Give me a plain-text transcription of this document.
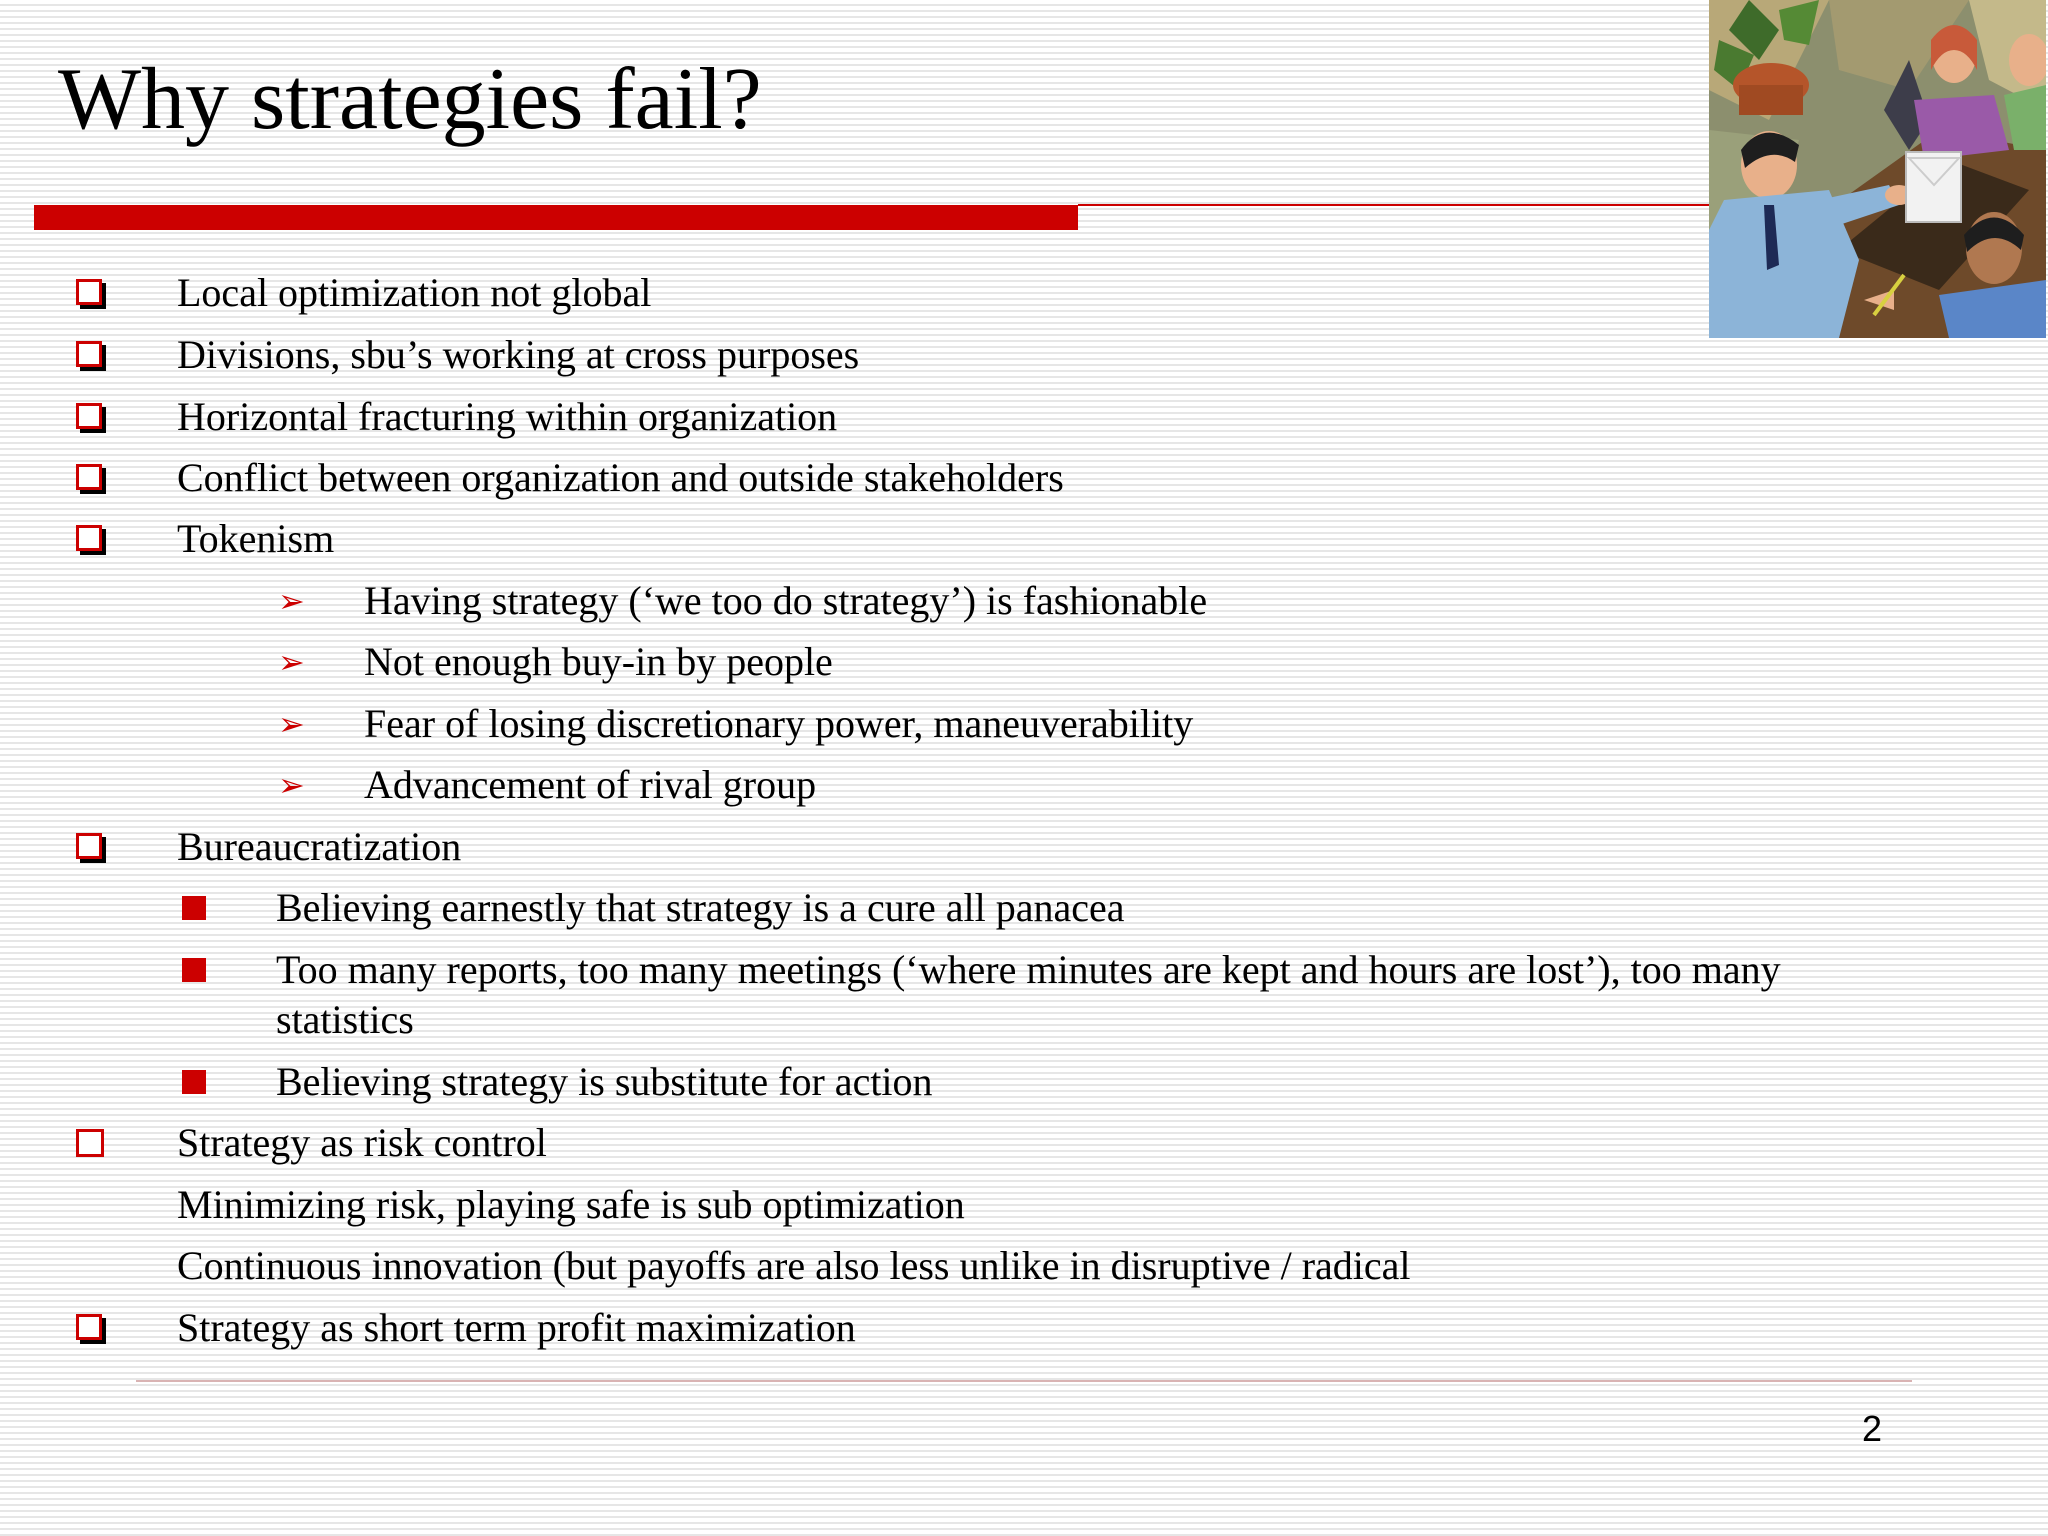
Why strategies fail?
Local optimization not global
Divisions, sbu’s working at cross purposes
Horizontal fracturing within organization
Conflict between organization and outside stakeholders
Tokenism
➢ Having strategy (‘we too do strategy’) is fashionable
➢ Not enough buy-in by people
➢ Fear of losing discretionary power, maneuverability
➢ Advancement of rival group
Bureaucratization
Believing earnestly that strategy is a cure all panacea
Too many reports, too many meetings (‘where minutes are kept and hours are lost’), too many statistics
Believing strategy is substitute for action
Strategy as risk control
Minimizing risk, playing safe is sub optimization
Continuous innovation (but payoffs are also less unlike in disruptive / radical
Strategy as short term profit maximization
2
